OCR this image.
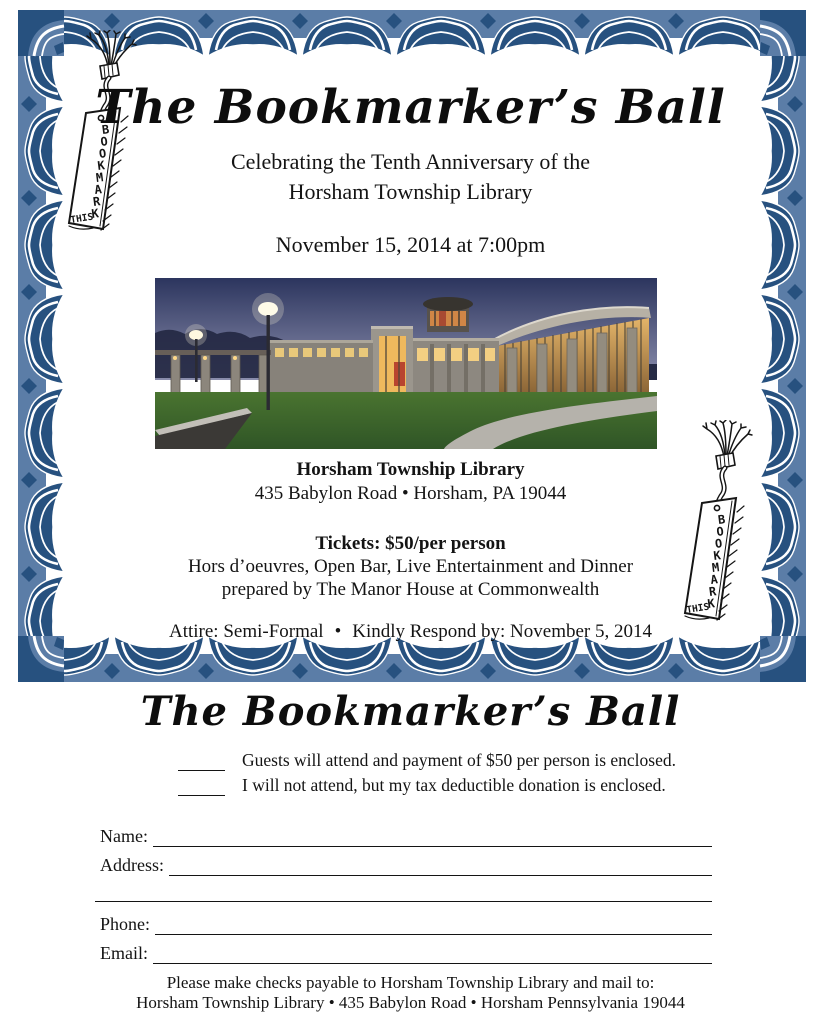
The Bookmarker’s Ball
Celebrating the Tenth Anniversary of the
Horsham Township Library
November 15, 2014 at 7:00pm
Horsham Township Library
435 Babylon Road • Horsham, PA 19044
Tickets: $50/per person
Hors d’oeuvres, Open Bar, Live Entertainment and Dinner
prepared by The Manor House at Commonwealth
Attire: Semi-Formal • Kindly Respond by: November 5, 2014
The Bookmarker’s Ball
Guests will attend and payment of $50 per person is enclosed.
I will not attend, but my tax deductible donation is enclosed.
Name:
Address:
Phone:
Email:
Please make checks payable to Horsham Township Library and mail to:
Horsham Township Library • 435 Babylon Road • Horsham Pennsylvania 19044
